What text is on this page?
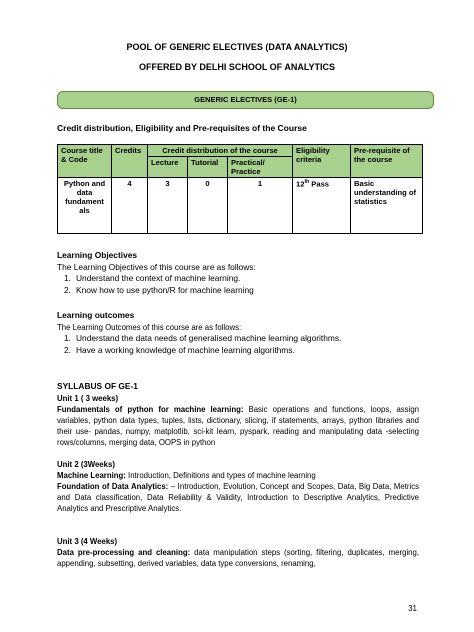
POOL OF GENERIC ELECTIVES (DATA ANALYTICS)
OFFERED BY DELHI SCHOOL OF ANALYTICS
GENERIC ELECTIVES (GE-1)
Credit distribution, Eligibility and Pre-requisites of the Course
Course title & Code	Credits	Credit distribution of the course			Eligibility criteria	Pre-requisite of the course
		Lecture	Tutorial	Practical/ Practice		
Python and data fundament als	4	3	0	1	12th Pass	Basic understanding of statistics
Learning Objectives
The Learning Objectives of this course are as follows:
1. Understand the context of machine learning.
2. Know how to use python/R for machine learning
Learning outcomes
The Learning Outcomes of this course are as follows:
1. Understand the data needs of generalised machine learning algorithms.
2. Have a working knowledge of machine learning algorithms.
SYLLABUS OF GE-1
Unit 1 ( 3 weeks)
Fundamentals of python for machine learning: Basic operations and functions, loops, assign variables, python data types, tuples, lists, dictionary, slicing, if statements, arrays, python libraries and their use- pandas, numpy, matplotlib, sci-kit learn, pyspark, reading and manipulating data -selecting rows/columns, merging data, OOPS in python
Unit 2 (3Weeks)
Machine Learning: Introduction, Definitions and types of machine learning
Foundation of Data Analytics: – Introduction, Evolution, Concept and Scopes, Data, Big Data, Metrics and Data classification, Data Reliability & Validity, Introduction to Descriptive Analytics, Predictive Analytics and Prescriptive Analytics.
Unit 3 (4 Weeks)
Data pre-processing and cleaning: data manipulation steps (sorting, filtering, duplicates, merging, appending, subsetting, derived variables, data type conversions, renaming,
31
